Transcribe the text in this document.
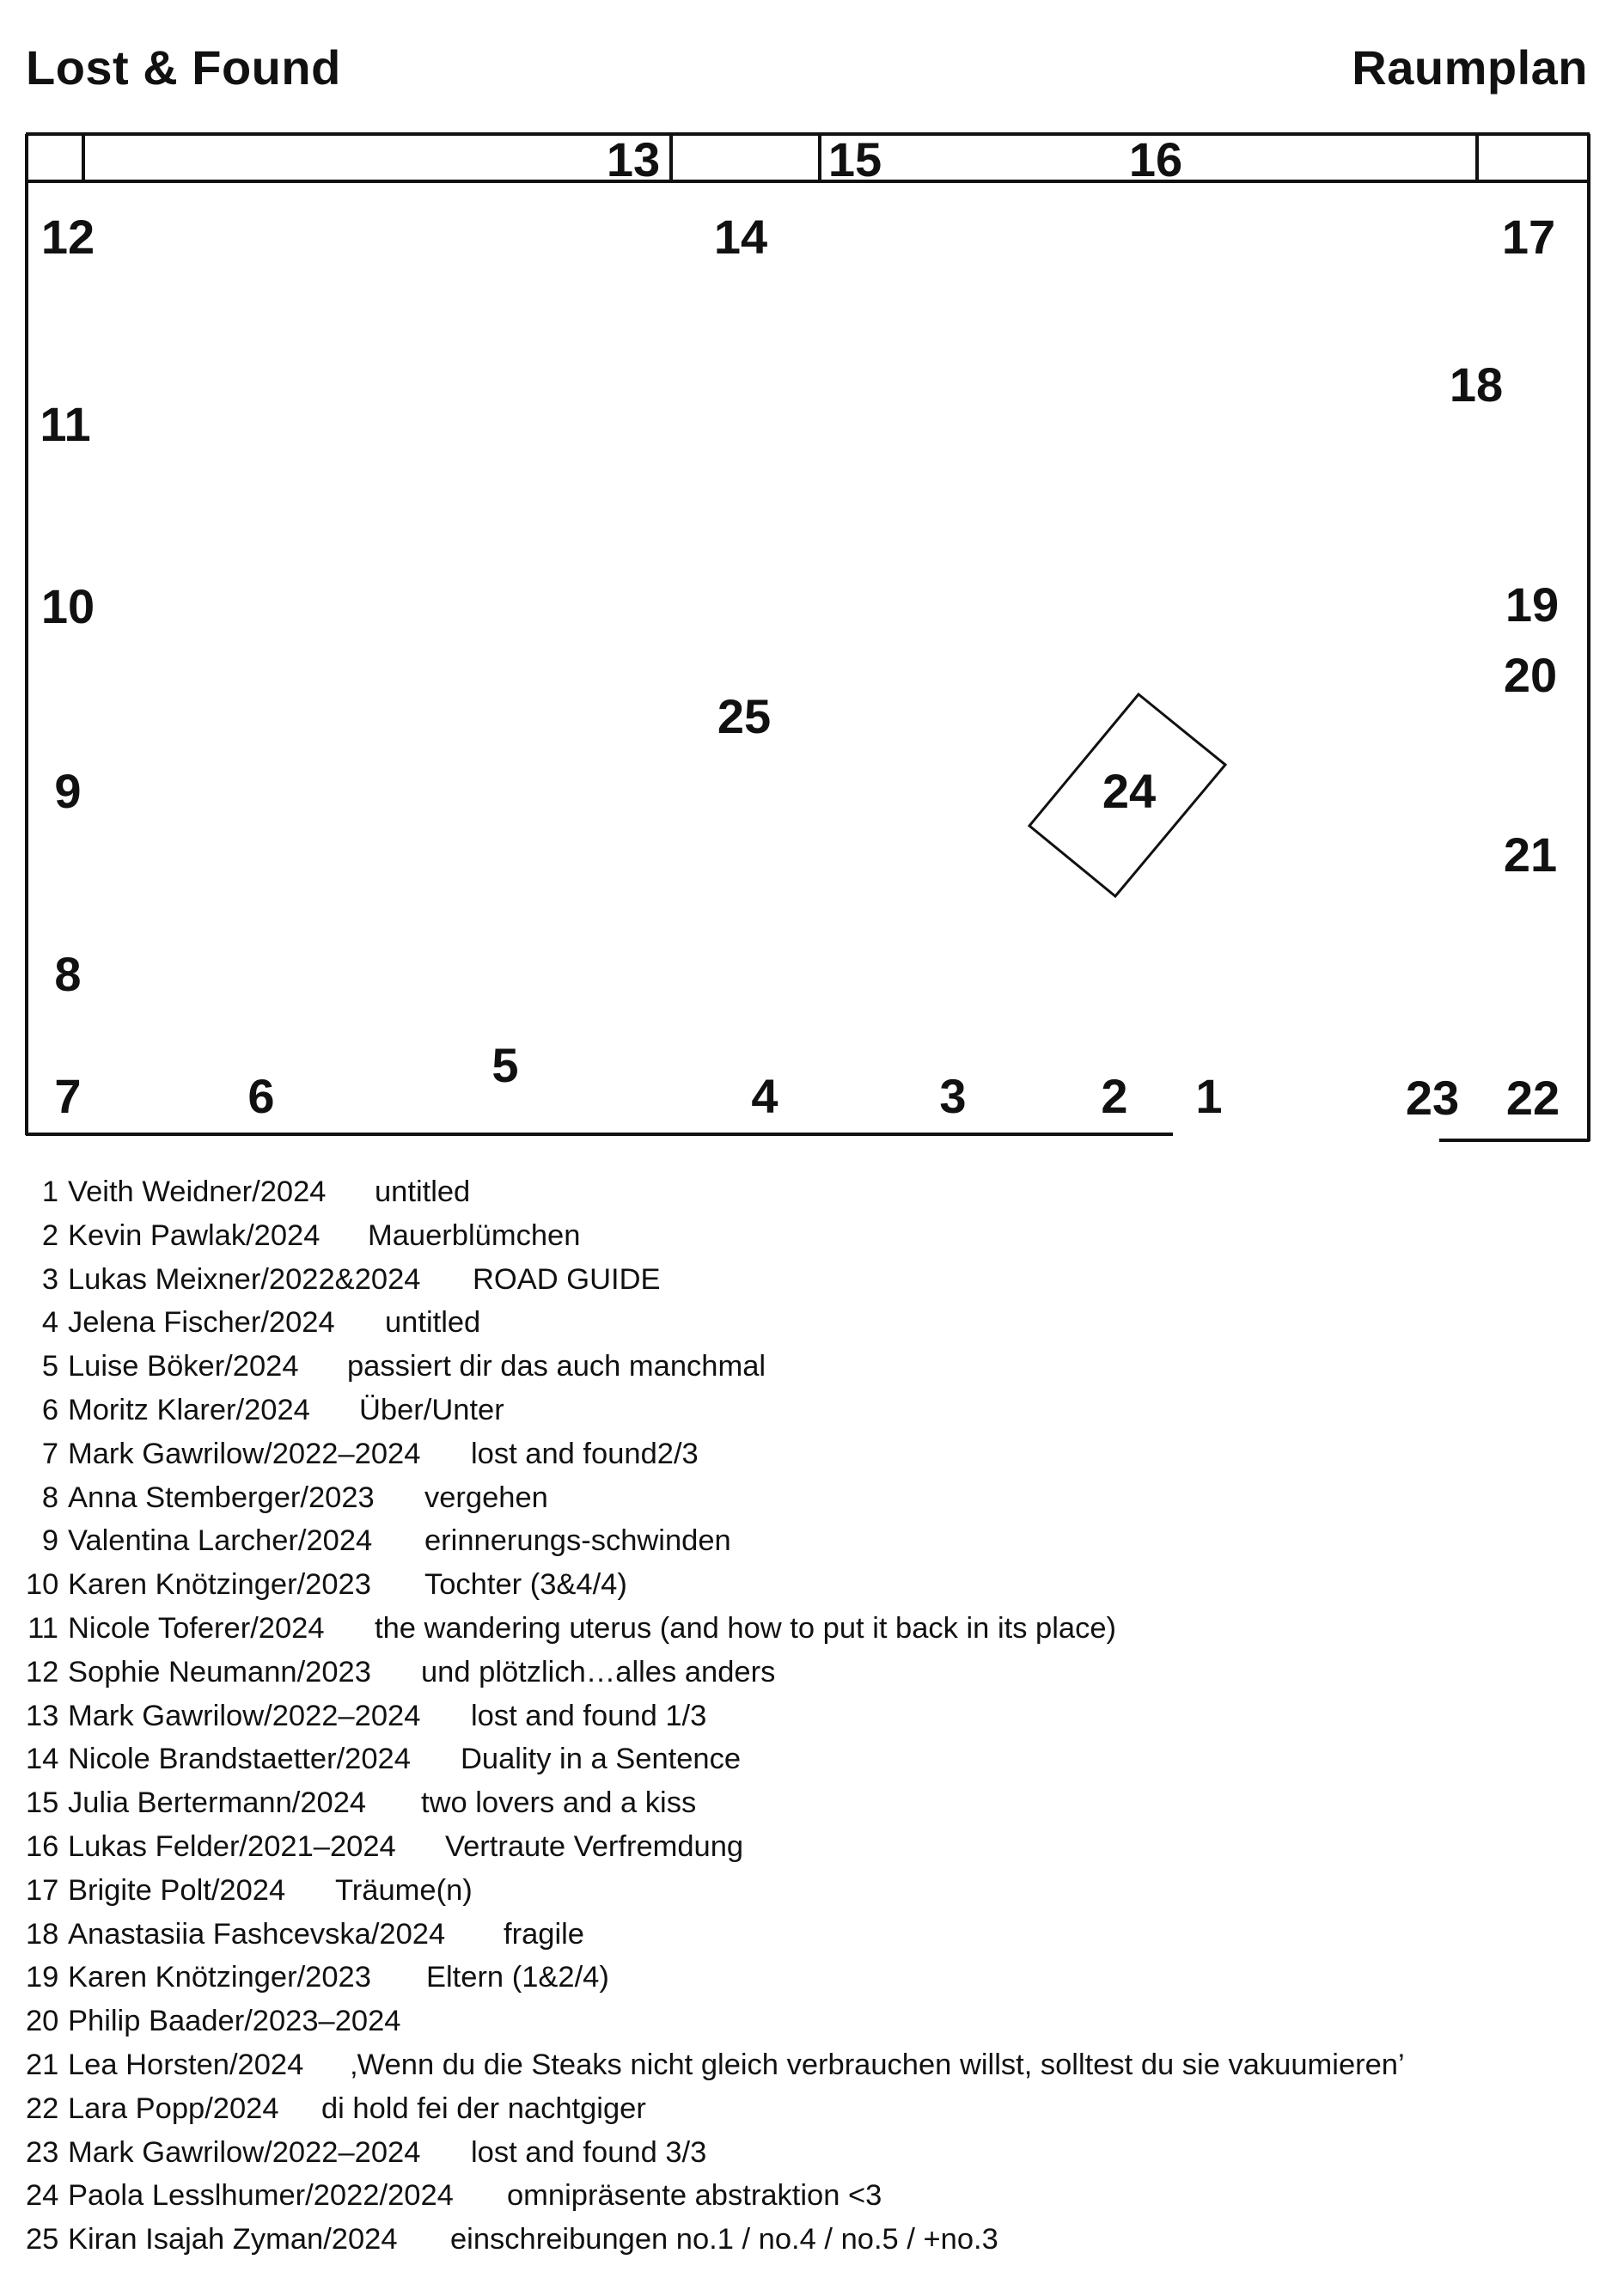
Lost & Found	Raumplan
1
2
3
4
5
6
7
8
9
10
11
12
13
14
15	16
17
18
19
20
21
22
23
24
25
1 Veith Weidner/2024 untitled
2 Kevin Pawlak/2024 Mauerblümchen
3 Lukas Meixner/2022&2024 ROAD GUIDE
4 Jelena Fischer/2024 untitled
5 Luise Böker/2024 passiert dir das auch manchmal
6 Moritz Klarer/2024 Über/Unter
7 Mark Gawrilow/2022–2024 lost and found2/3
8 Anna Stemberger/2023 vergehen
9 Valentina Larcher/2024 erinnerungs-schwinden
10 Karen Knötzinger/2023 Tochter (3&4/4)
11 Nicole Toferer/2024 the wandering uterus (and how to put it back in its place)
12 Sophie Neumann/2023 und plötzlich…alles anders
13 Mark Gawrilow/2022–2024 lost and found 1/3
14 Nicole Brandstaetter/2024 Duality in a Sentence
15 Julia Bertermann/2024 two lovers and a kiss
16 Lukas Felder/2021–2024 Vertraute Verfremdung
17 Brigite Polt/2024 Träume(n)
18 Anastasiia Fashcevska/2024 fragile
19 Karen Knötzinger/2023 Eltern (1&2/4)
20 Philip Baader/2023–2024
21 Lea Horsten/2024 ‚Wenn du die Steaks nicht gleich verbrauchen willst, solltest du sie vakuumieren’
22 Lara Popp/2024 di hold fei der nachtgiger
23 Mark Gawrilow/2022–2024 lost and found 3/3
24 Paola Lesslhumer/2022/2024 omnipräsente abstraktion <3
25 Kiran Isajah Zyman/2024 einschreibungen no.1 / no.4 / no.5 / +no.3
